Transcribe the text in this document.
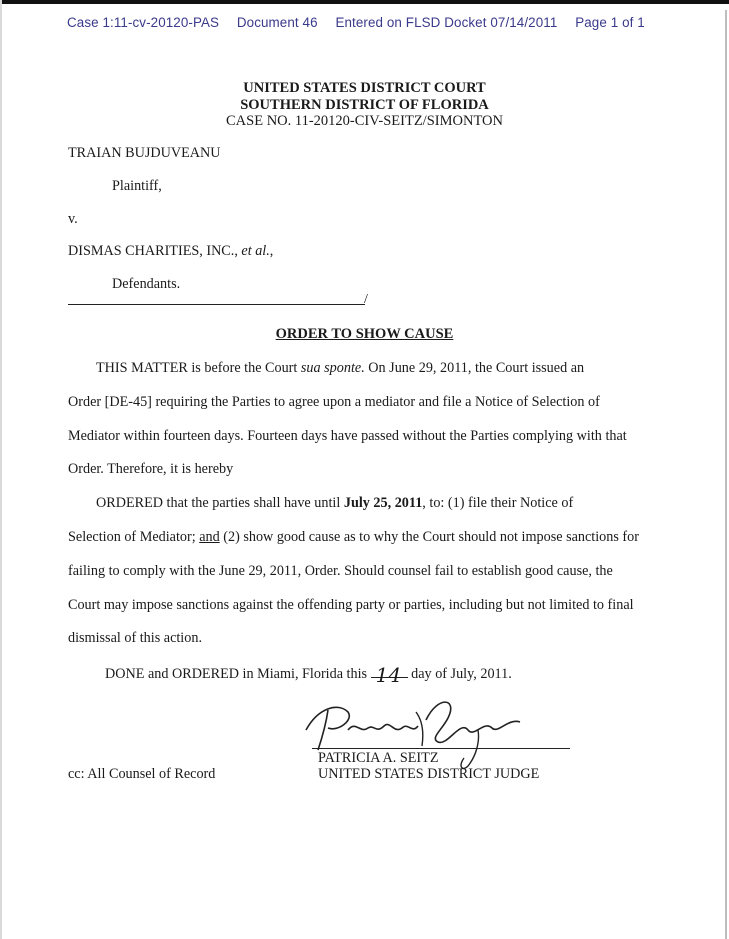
Case 1:11-cv-20120-PAS Document 46 Entered on FLSD Docket 07/14/2011 Page 1 of 1
UNITED STATES DISTRICT COURT
SOUTHERN DISTRICT OF FLORIDA
CASE NO. 11-20120-CIV-SEITZ/SIMONTON
TRAIAN BUJDUVEANU
Plaintiff,
v.
DISMAS CHARITIES, INC., et al.,
Defendants.
/
ORDER TO SHOW CAUSE
THIS MATTER is before the Court sua sponte. On June 29, 2011, the Court issued an
Order [DE-45] requiring the Parties to agree upon a mediator and file a Notice of Selection of
Mediator within fourteen days. Fourteen days have passed without the Parties complying with that
Order. Therefore, it is hereby
ORDERED that the parties shall have until July 25, 2011, to: (1) file their Notice of
Selection of Mediator; and (2) show good cause as to why the Court should not impose sanctions for
failing to comply with the June 29, 2011, Order. Should counsel fail to establish good cause, the
Court may impose sanctions against the offending party or parties, including but not limited to final
dismissal of this action.
DONE and ORDERED in Miami, Florida this 14 day of July, 2011.
PATRICIA A. SEITZ
UNITED STATES DISTRICT JUDGE
cc: All Counsel of Record
